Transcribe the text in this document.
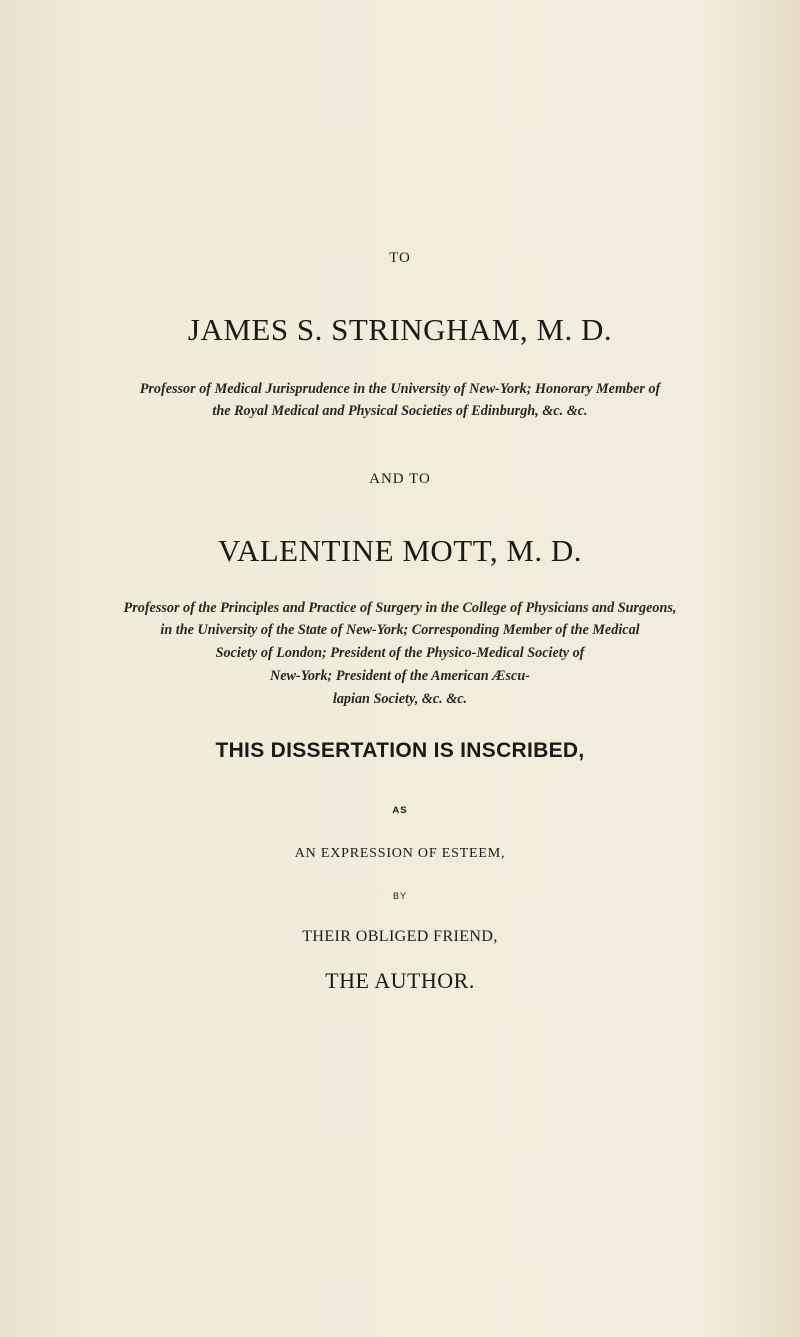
TO
JAMES S. STRINGHAM, M. D.
Professor of Medical Jurisprudence in the University of New-York; Honorary Member of
the Royal Medical and Physical Societies of Edinburgh, &c. &c.
AND TO
VALENTINE MOTT, M. D.
Professor of the Principles and Practice of Surgery in the College of Physicians and Surgeons,
in the University of the State of New-York; Corresponding Member of the Medical
Society of London; President of the Physico-Medical Society of
New-York; President of the American Æscu-
lapian Society, &c. &c.
THIS DISSERTATION IS INSCRIBED,
AS
AN EXPRESSION OF ESTEEM,
BY
THEIR OBLIGED FRIEND,
THE AUTHOR.
